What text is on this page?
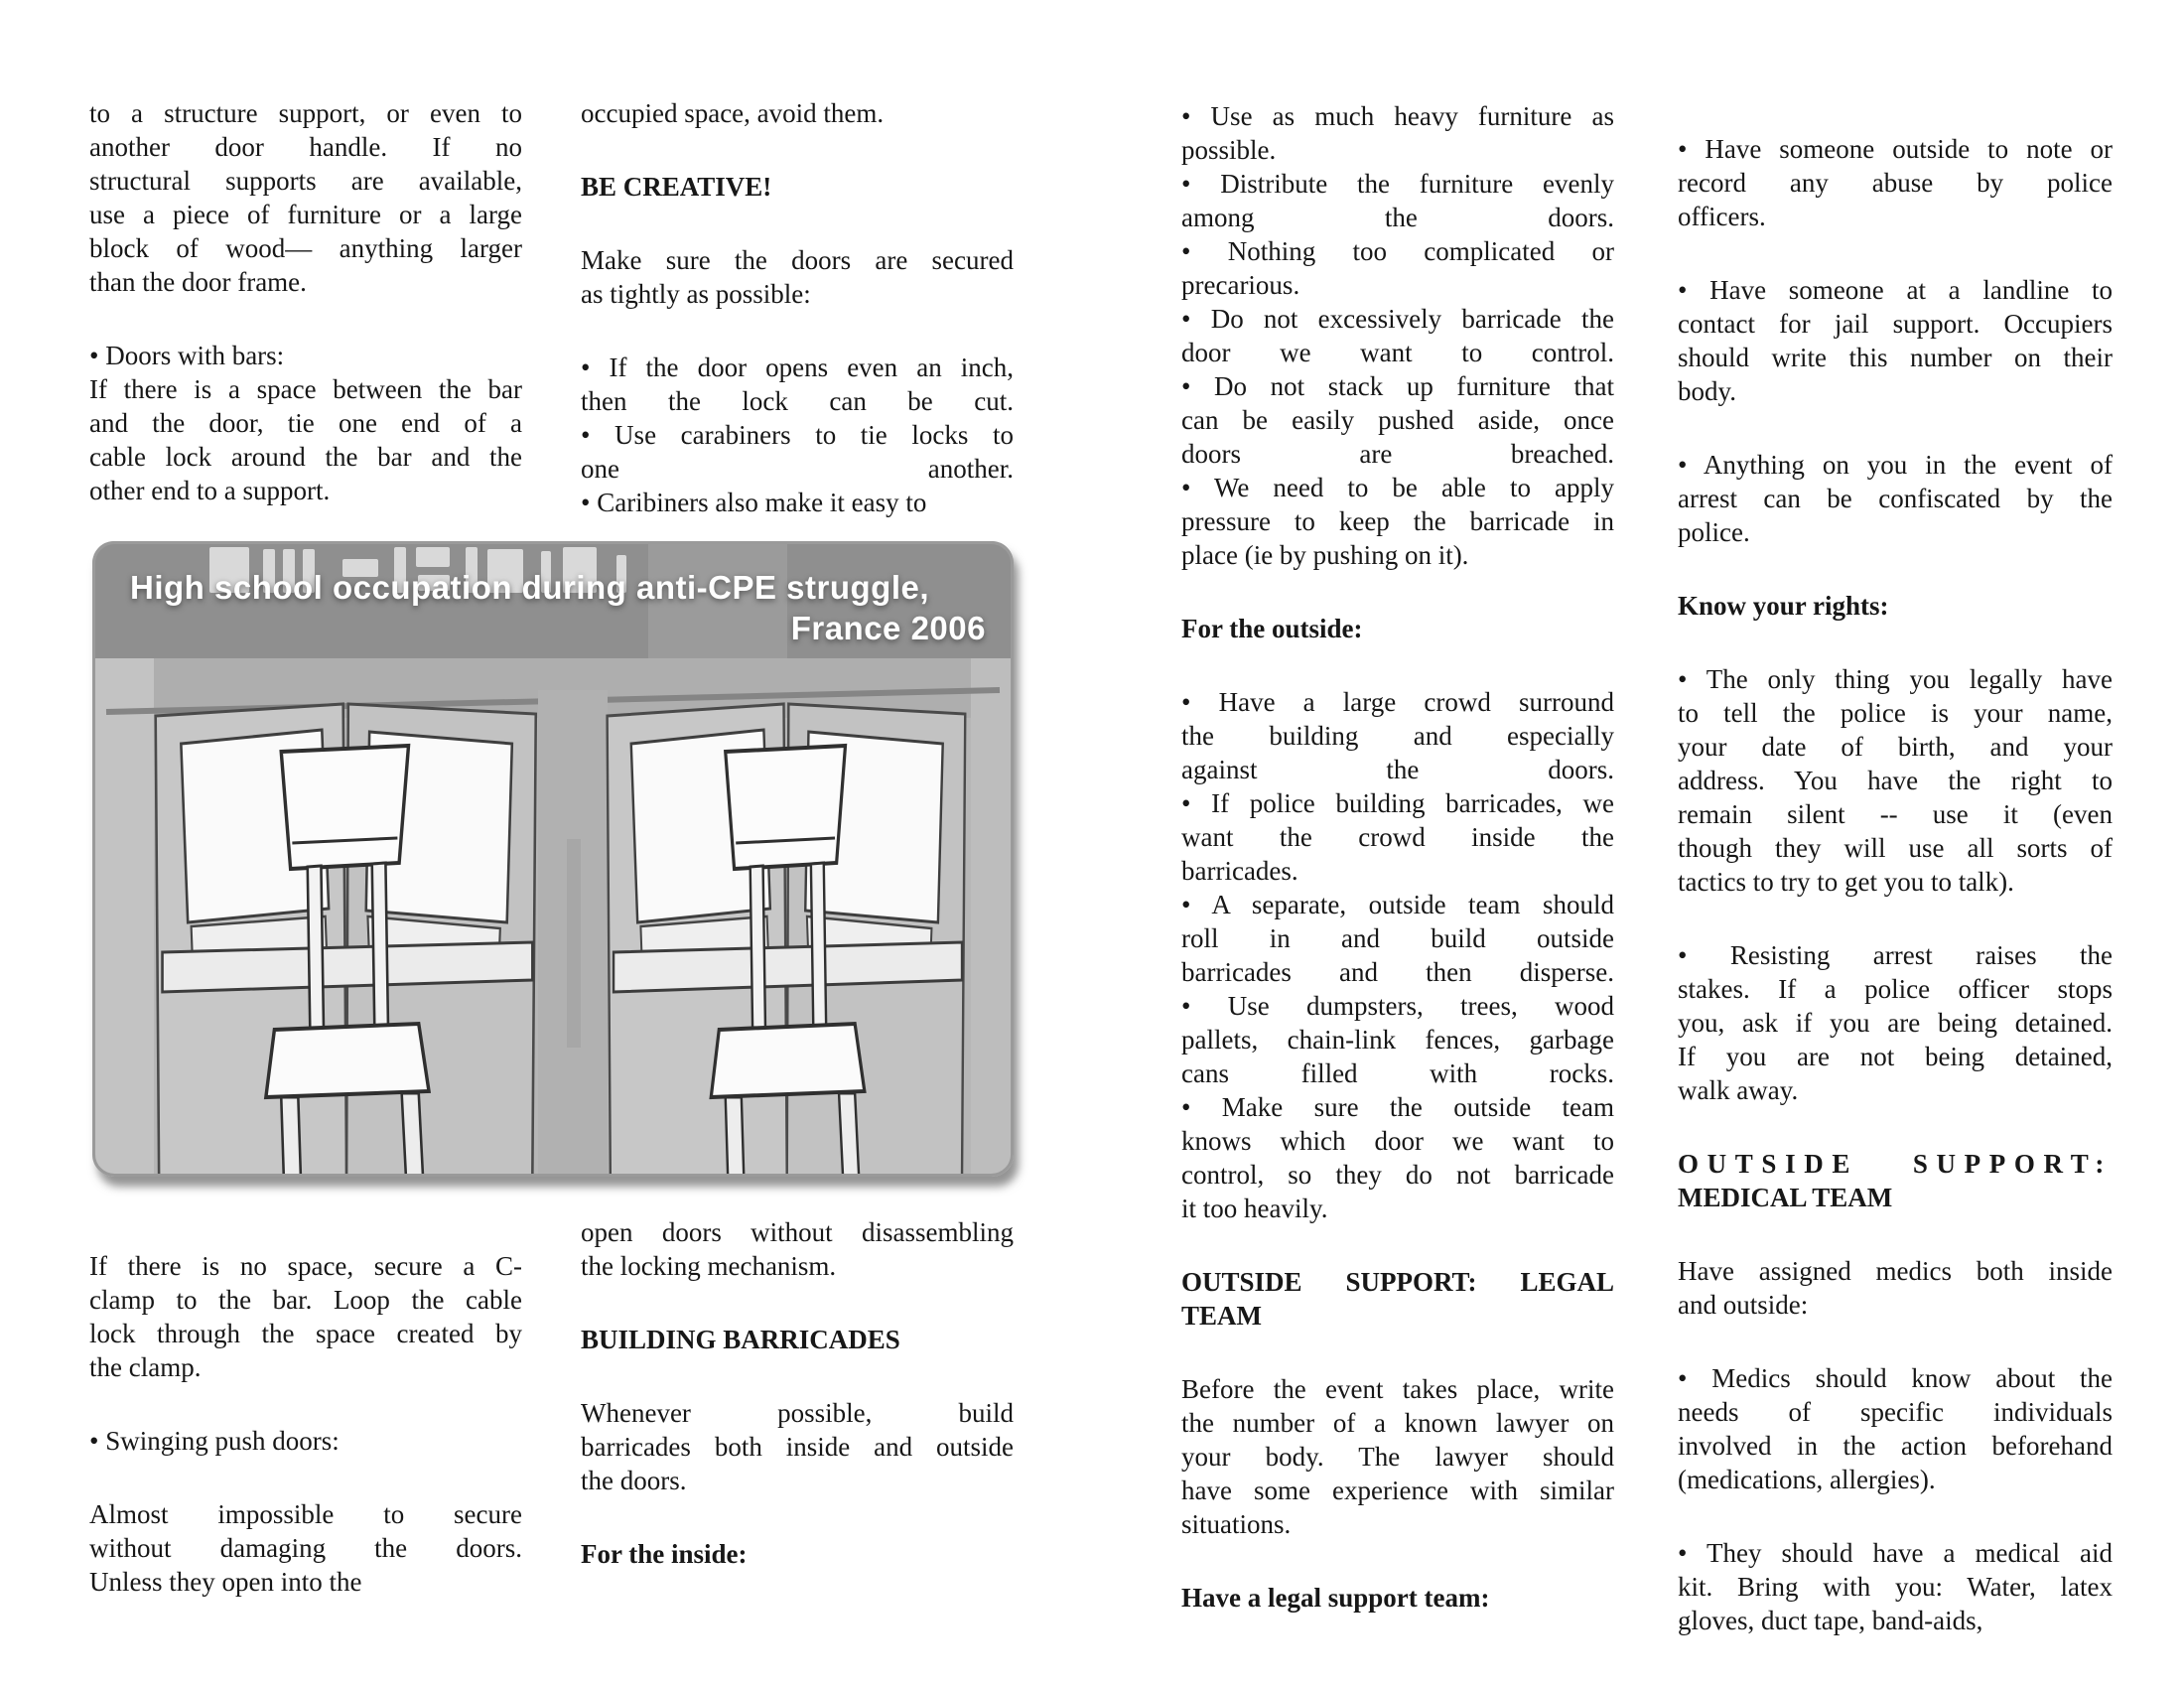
to a structure support, or even to
another door handle. If no
structural supports are available,
use a piece of furniture or a large
block of wood— anything larger
than the door frame.
• Doors with bars:
If there is a space between the bar
and the door, tie one end of a
cable lock around the bar and the
other end to a support.
occupied space, avoid them.
BE CREATIVE!
Make sure the doors are secured
as tightly as possible:
• If the door opens even an inch,
then the lock can be cut.
• Use carabiners to tie locks to
one another.
• Caribiners also make it easy to
High school occupation during anti-CPE struggle,
France 2006
If there is no space, secure a C-
clamp to the bar. Loop the cable
lock through the space created by
the clamp.
• Swinging push doors:
Almost impossible to secure
without damaging the doors.
Unless they open into the
open doors without disassembling
the locking mechanism.
BUILDING BARRICADES
Whenever possible, build
barricades both inside and outside
the doors.
For the inside:
• Use as much heavy furniture as
possible.
• Distribute the furniture evenly
among the doors.
• Nothing too complicated or
precarious.
• Do not excessively barricade the
door we want to control.
• Do not stack up furniture that
can be easily pushed aside, once
doors are breached.
• We need to be able to apply
pressure to keep the barricade in
place (ie by pushing on it).
For the outside:
• Have a large crowd surround
the building and especially
against the doors.
• If police building barricades, we
want the crowd inside the
barricades.
• A separate, outside team should
roll in and build outside
barricades and then disperse.
• Use dumpsters, trees, wood
pallets, chain-link fences, garbage
cans filled with rocks.
• Make sure the outside team
knows which door we want to
control, so they do not barricade
it too heavily.
OUTSIDE SUPPORT: LEGAL
TEAM
Before the event takes place, write
the number of a known lawyer on
your body. The lawyer should
have some experience with similar
situations.
Have a legal support team:
• Have someone outside to note or
record any abuse by police
officers.
• Have someone at a landline to
contact for jail support. Occupiers
should write this number on their
body.
• Anything on you in the event of
arrest can be confiscated by the
police.
Know your rights:
• The only thing you legally have
to tell the police is your name,
your date of birth, and your
address. You have the right to
remain silent -- use it (even
though they will use all sorts of
tactics to try to get you to talk).
• Resisting arrest raises the
stakes. If a police officer stops
you, ask if you are being detained.
If you are not being detained,
walk away.
OUTSIDE SUPPORT:
MEDICAL TEAM
Have assigned medics both inside
and outside:
• Medics should know about the
needs of specific individuals
involved in the action beforehand
(medications, allergies).
• They should have a medical aid
kit. Bring with you: Water, latex
gloves, duct tape, band-aids,
